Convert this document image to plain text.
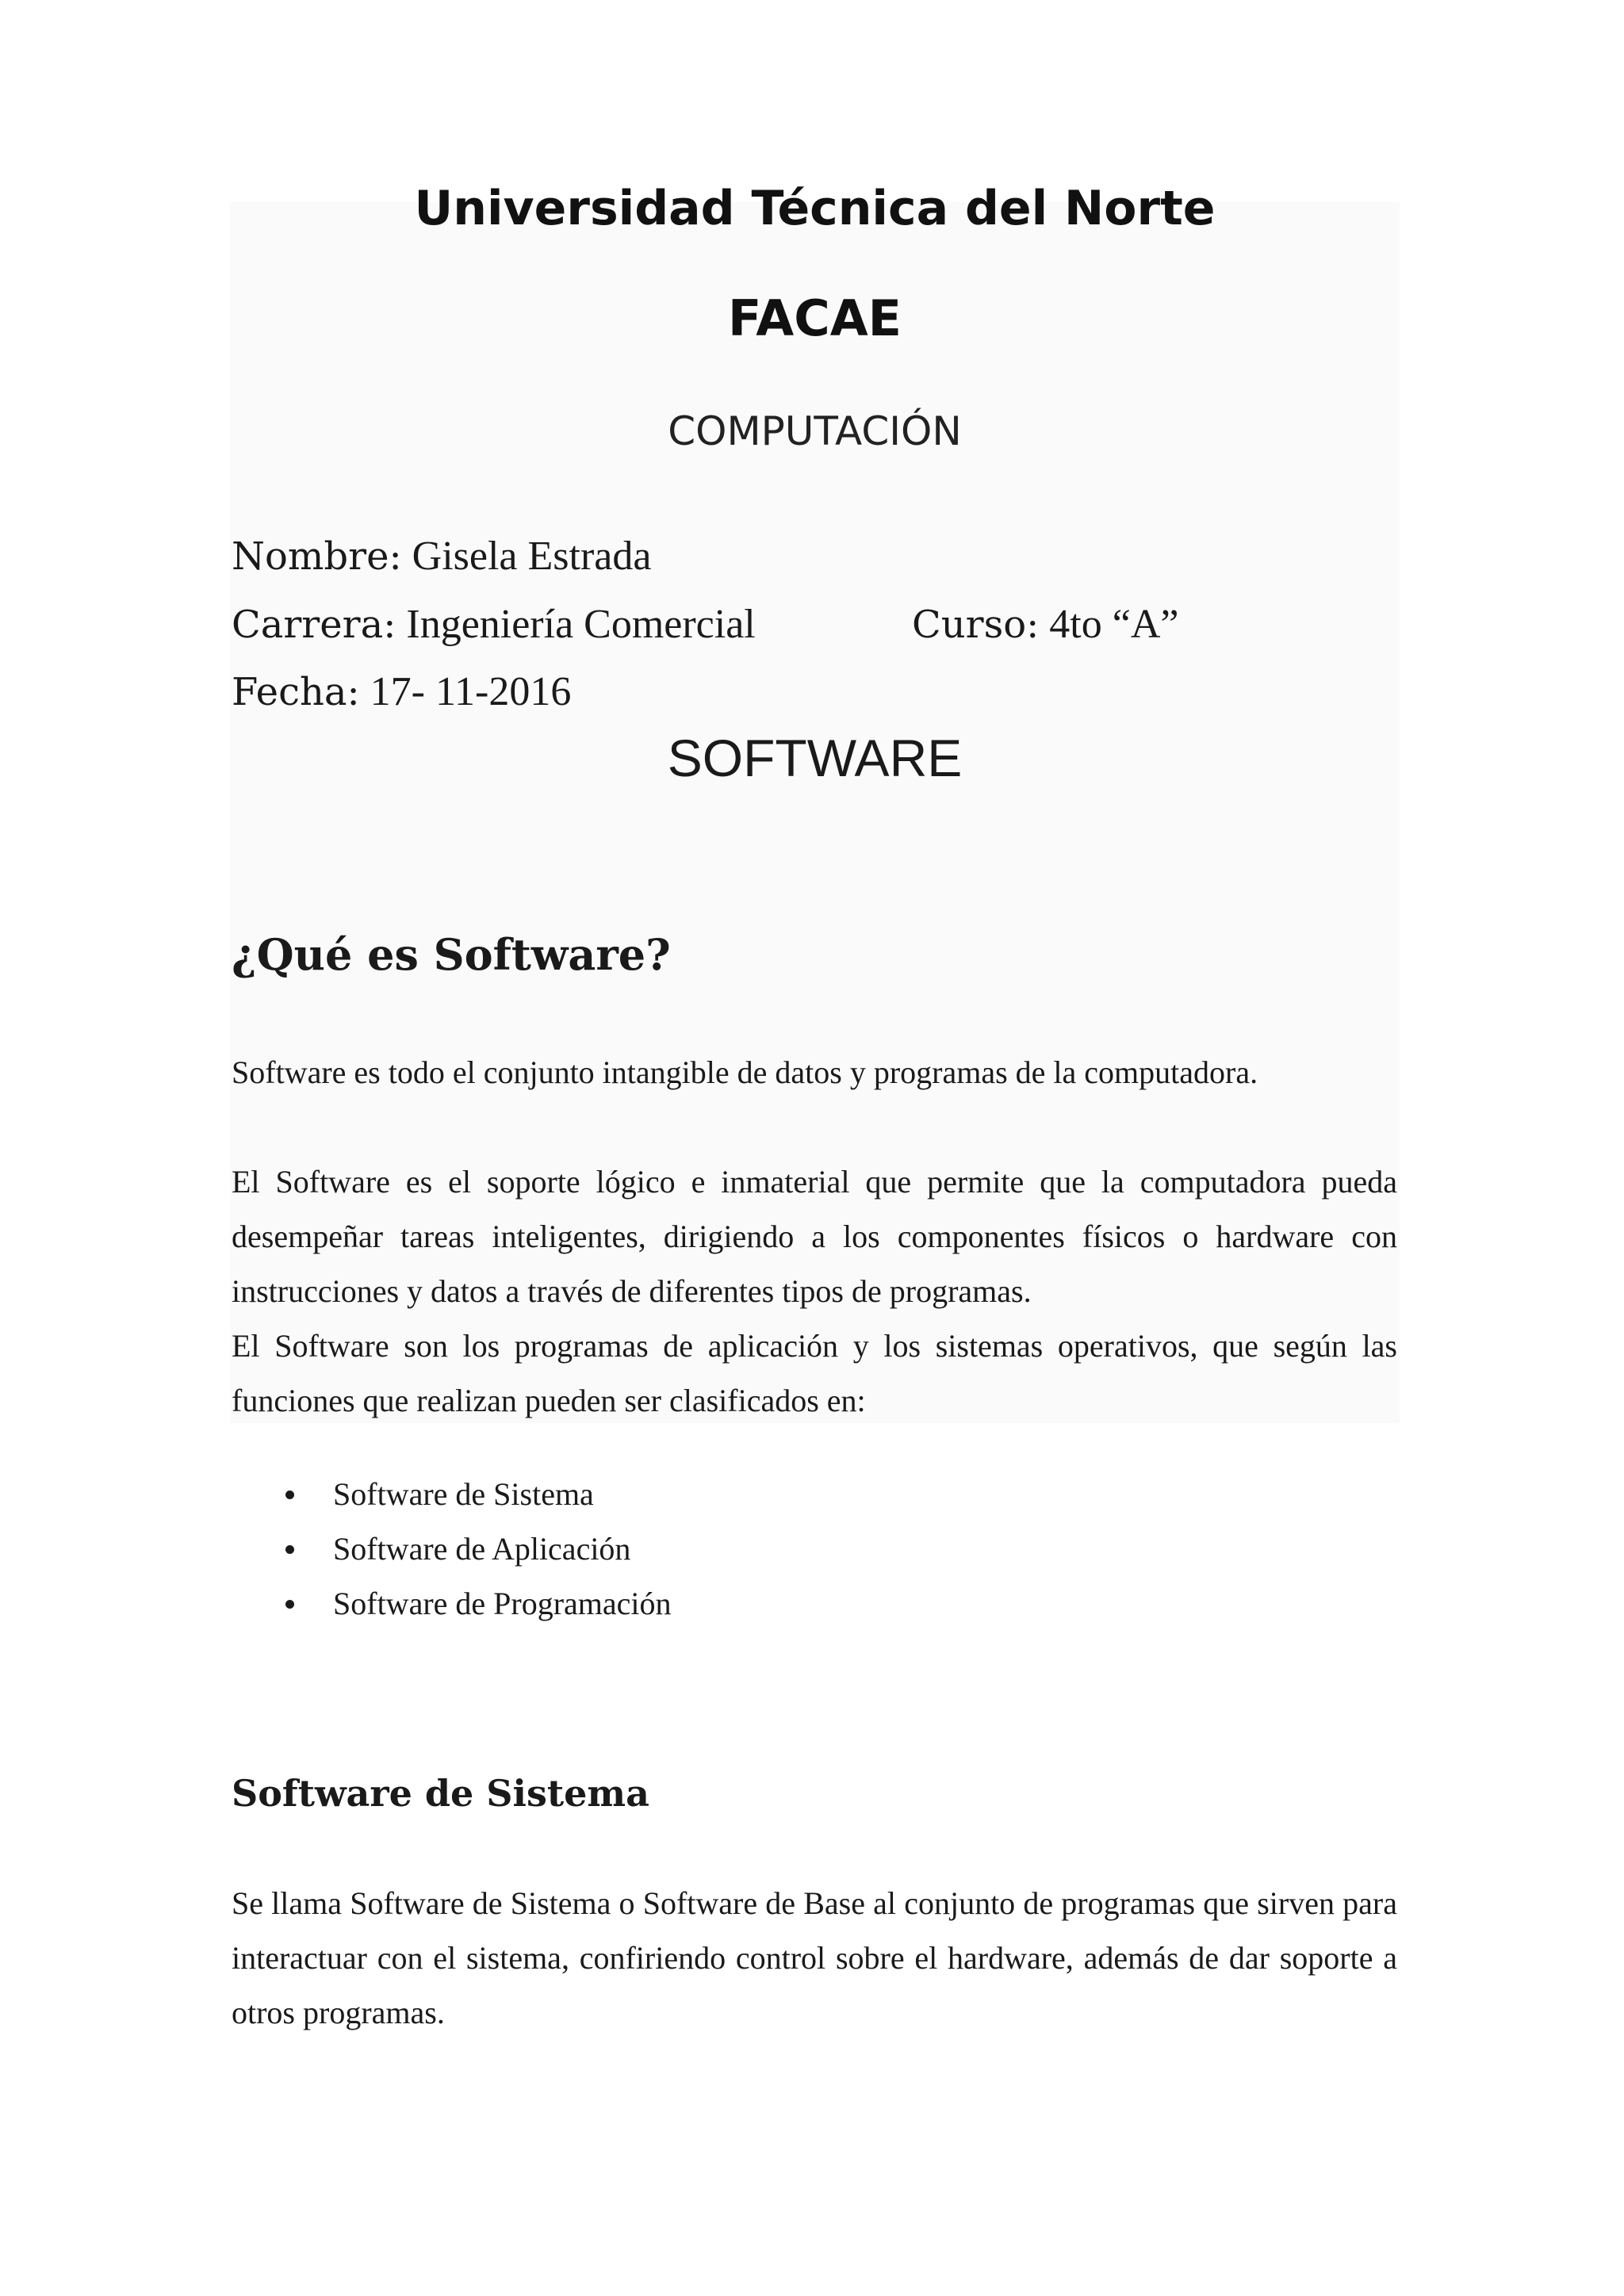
Universidad Técnica del Norte
FACAE

COMPUTACIÓN

Nombre: Gisela Estrada
Carrera: Ingeniería Comercial	Curso: 4to “A”
Fecha: 17- 11-2016

SOFTWARE

¿Qué es Software?

Software es todo el conjunto intangible de datos y programas de la computadora.

El Software es el soporte lógico e inmaterial que permite que la computadora pueda desempeñar tareas inteligentes, dirigiendo a los componentes físicos o hardware con instrucciones y datos a través de diferentes tipos de programas.

El Software son los programas de aplicación y los sistemas operativos, que según las funciones que realizan pueden ser clasificados en:

Software de Sistema
Software de Aplicación
Software de Programación
Software de Sistema

Se llama Software de Sistema o Software de Base al conjunto de programas que sirven para interactuar con el sistema, confiriendo control sobre el hardware, además de dar soporte a otros programas.
